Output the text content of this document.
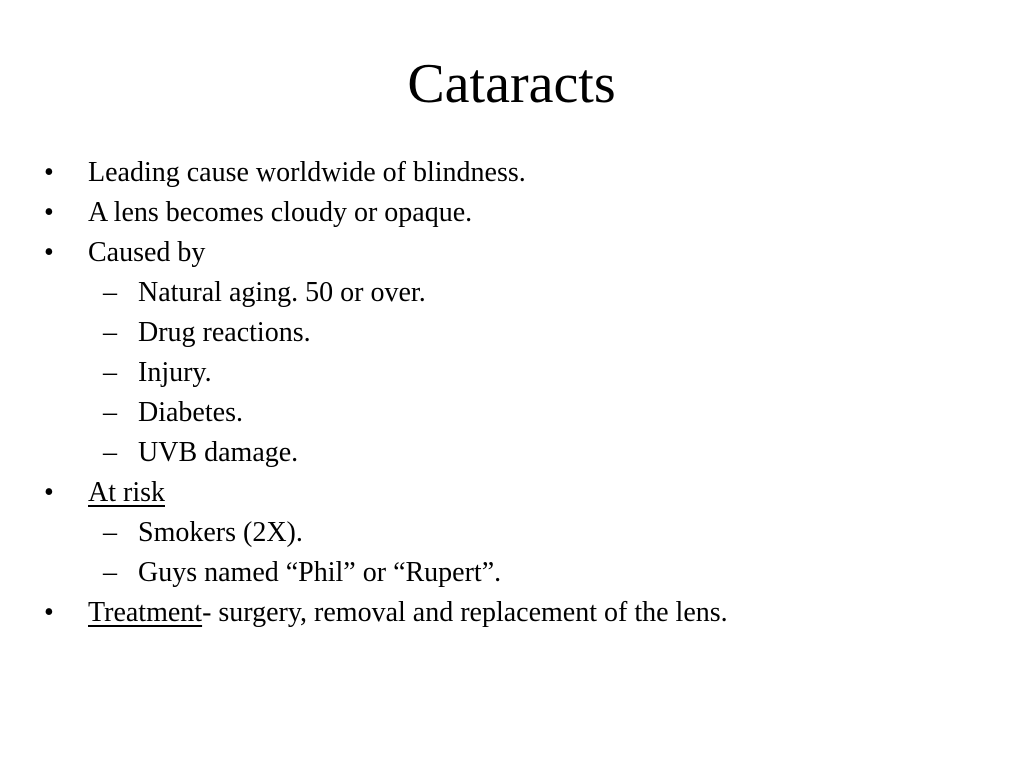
Cataracts
• Leading cause worldwide of blindness.
• A lens becomes cloudy or opaque.
• Caused by
– Natural aging. 50 or over.
– Drug reactions.
– Injury.
– Diabetes.
– UVB damage.
• At risk
– Smokers (2X).
– Guys named “Phil” or “Rupert”.
• Treatment- surgery, removal and replacement of the lens.
